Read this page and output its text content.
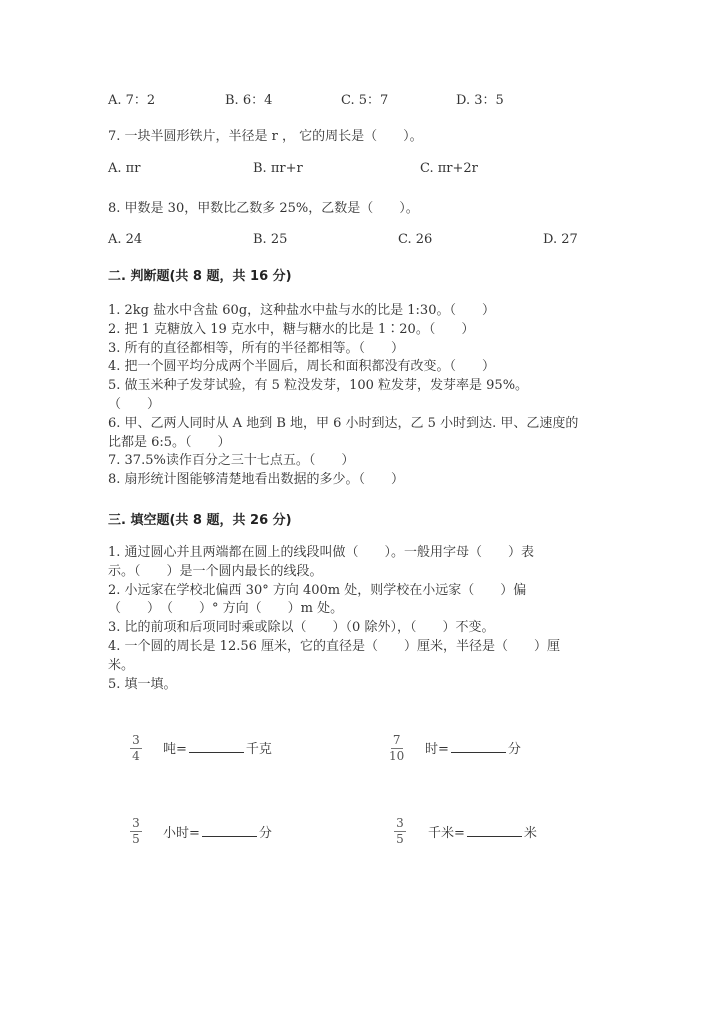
A. 7：2	B. 6：4	C. 5：7	D. 3：5
7. 一块半圆形铁片，半径是 r ， 它的周长是（　　）。
A. πr	B. πr+r	C. πr+2r
8. 甲数是 30，甲数比乙数多 25%，乙数是（　　）。
A. 24	B. 25	C. 26	D. 27
二. 判断题(共 8 题，共 16 分)
1. 2kg 盐水中含盐 60g，这种盐水中盐与水的比是 1:30。（　　）
2. 把 1 克糖放入 19 克水中，糖与糖水的比是 1∶20。（　　）
3. 所有的直径都相等，所有的半径都相等。（　　）
4. 把一个圆平均分成两个半圆后，周长和面积都没有改变。（　　）
5. 做玉米种子发芽试验，有 5 粒没发芽，100 粒发芽，发芽率是 95%。
（　　）
6. 甲、乙两人同时从 A 地到 B 地，甲 6 小时到达，乙 5 小时到达. 甲、乙速度的
比都是 6:5。（　　）
7. 37.5%读作百分之三十七点五。（　　）
8. 扇形统计图能够清楚地看出数据的多少。（　　）
三. 填空题(共 8 题，共 26 分)
1. 通过圆心并且两端都在圆上的线段叫做（　　）。一般用字母（　　）表
示。（　　）是一个圆内最长的线段。
2. 小远家在学校北偏西 30° 方向 400m 处，则学校在小远家（　　）偏
（　　）　（　　）° 方向（　　）m 处。
3. 比的前项和后项同时乘或除以（　　）（0 除外），（　　）不变。
4. 一个圆的周长是 12.56 厘米，它的直径是（　　）厘米，半径是（　　）厘
米。
5. 填一填。
3
4 吨=	千克
7
10 时=	分
3
5 小时=	分
3
5 千米=	米
